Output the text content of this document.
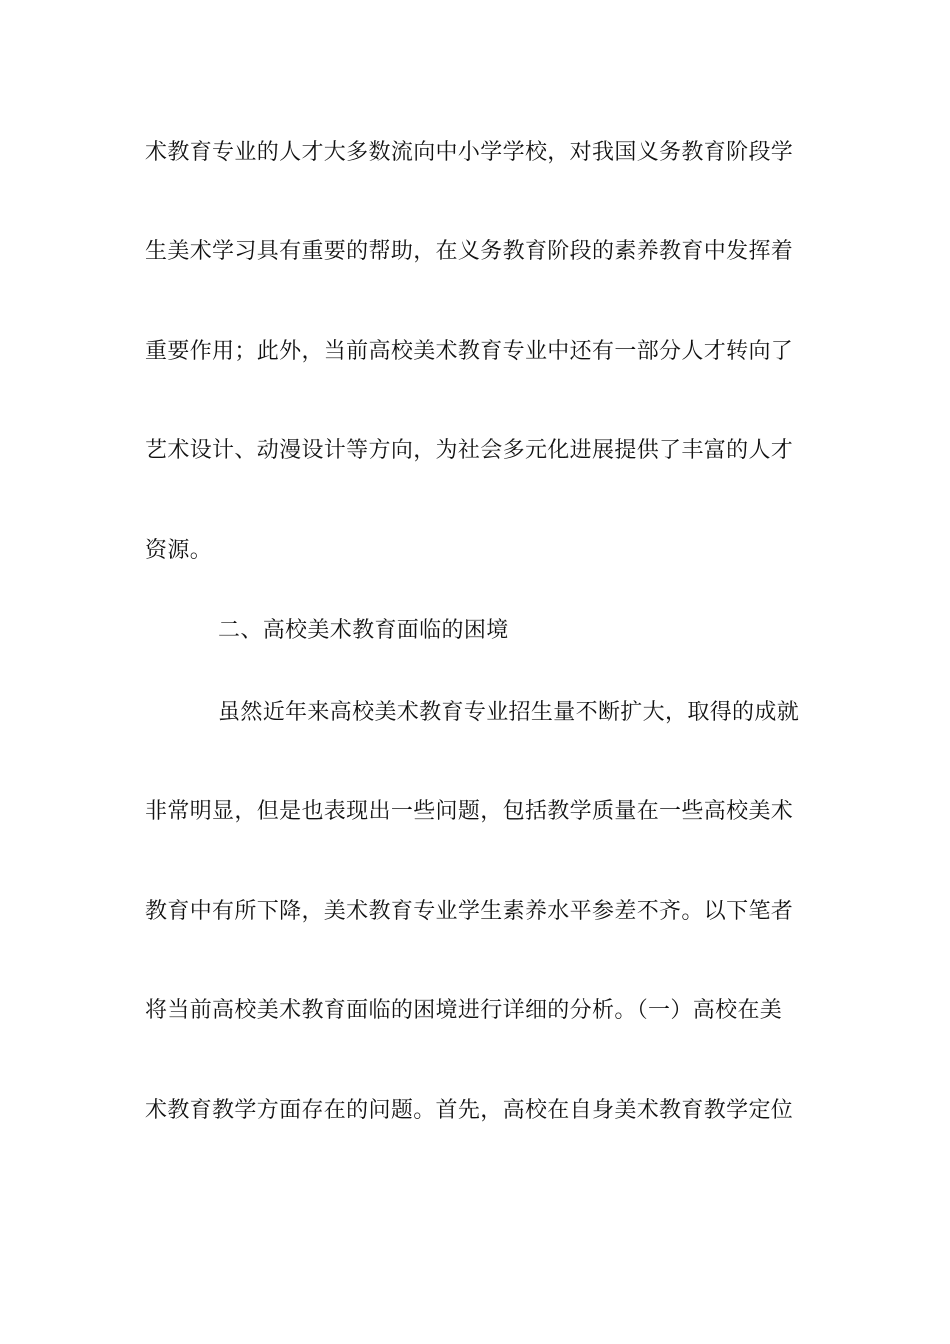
术教育专业的人才大多数流向中小学学校，对我国义务教育阶段学
生美术学习具有重要的帮助，在义务教育阶段的素养教育中发挥着
重要作用；此外，当前高校美术教育专业中还有一部分人才转向了
艺术设计、动漫设计等方向，为社会多元化进展提供了丰富的人才
资源。
二、高校美术教育面临的困境
虽然近年来高校美术教育专业招生量不断扩大，取得的成就
非常明显，但是也表现出一些问题，包括教学质量在一些高校美术
教育中有所下降，美术教育专业学生素养水平参差不齐。以下笔者
将当前高校美术教育面临的困境进行详细的分析。（一）高校在美
术教育教学方面存在的问题。首先，高校在自身美术教育教学定位
